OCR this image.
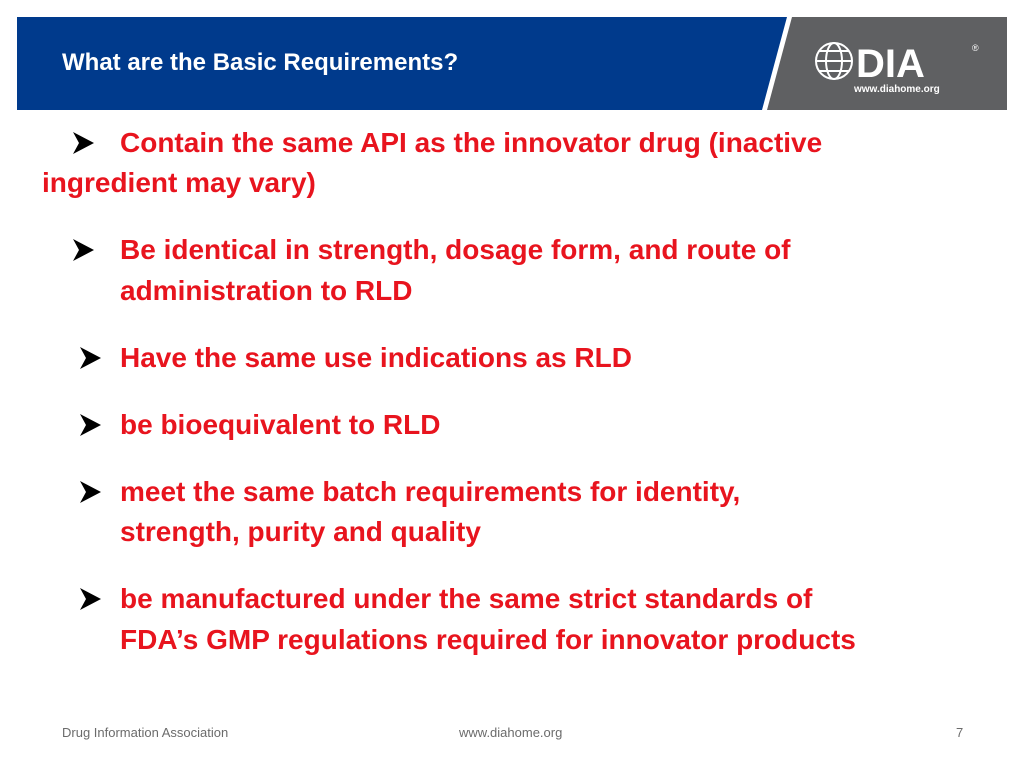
What are the Basic Requirements?	DIA	®
www.diahome.org
Contain the same API as the innovator drug (inactive
ingredient may vary)
Be identical in strength, dosage form, and route of
administration to RLD
Have the same use indications as RLD
be bioequivalent to RLD
meet the same batch requirements for identity,
strength, purity and quality
be manufactured under the same strict standards of
FDA’s GMP regulations required for innovator products
Drug Information Association	www.diahome.org	7
